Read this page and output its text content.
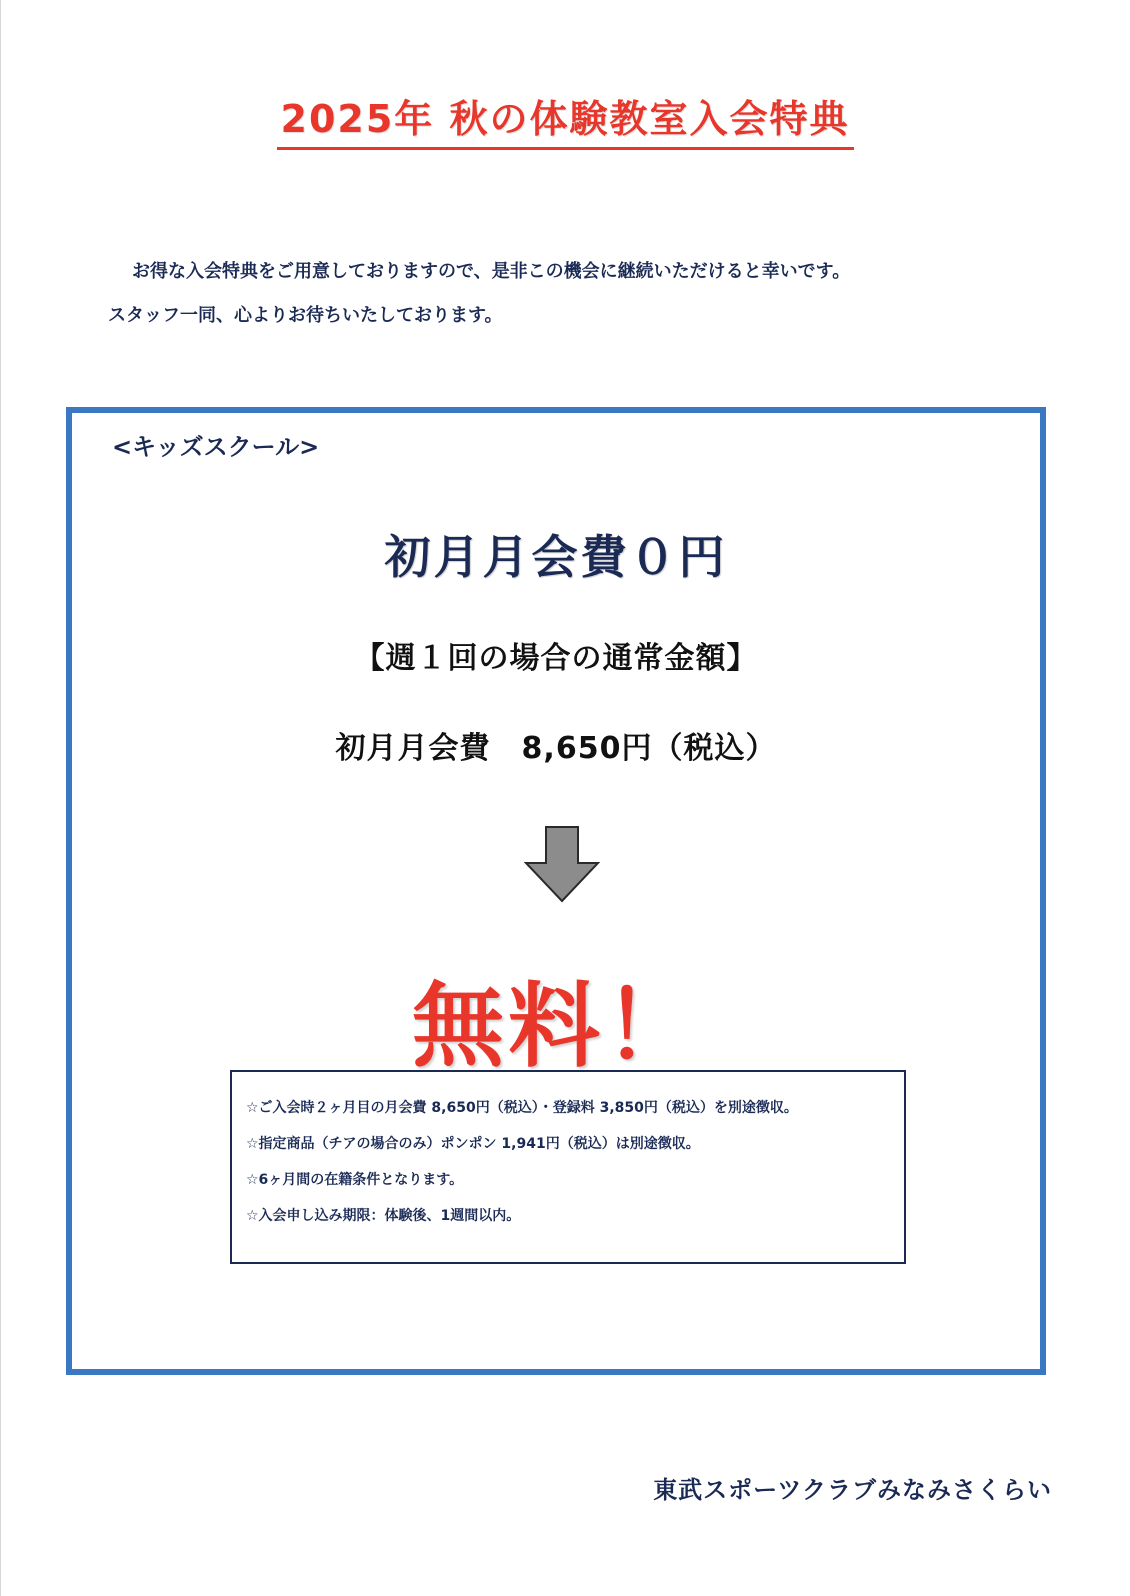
2025年 秋の体験教室入会特典
お得な入会特典をご用意しておりますので、是非この機会に継続いただけると幸いです。
スタッフ一同、心よりお待ちいたしております。
<キッズスクール>
初月月会費０円
【週１回の場合の通常金額】
初月月会費　8,650円（税込）
無料！
☆ご入会時２ヶ月目の月会費 8,650円（税込）・登録料 3,850円（税込）を別途徴収。
☆指定商品（チアの場合のみ）ポンポン 1,941円（税込）は別途徴収。
☆6ヶ月間の在籍条件となります。
☆入会申し込み期限：体験後、1週間以内。
東武スポーツクラブみなみさくらい
